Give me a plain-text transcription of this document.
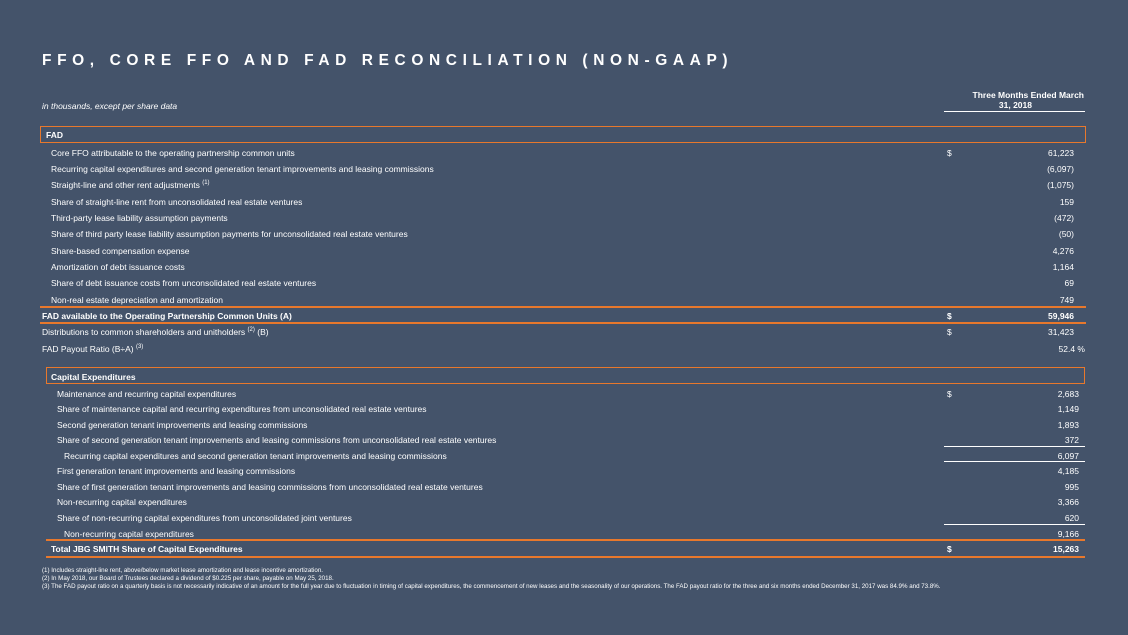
FFO, CORE FFO AND FAD RECONCILIATION (NON-GAAP)
in thousands, except per share data
Three Months Ended March

31, 2018
FAD
Core FFO attributable to the operating partnership common units	$	61,223
Recurring capital expenditures and second generation tenant improvements and leasing commissions	(6,097)
Straight-line and other rent adjustments $^{(1)}$	(1,075)
Share of straight-line rent from unconsolidated real estate ventures	159
Third-party lease liability assumption payments	(472)
Share of third party lease liability assumption payments for unconsolidated real estate ventures	(50)
Share-based compensation expense	4,276
Amortization of debt issuance costs	1,164
Share of debt issuance costs from unconsolidated real estate ventures	69
Non-real estate depreciation and amortization	749
FAD available to the Operating Partnership Common Units (A)	$	59,946
Distributions to common shareholders and unitholders $^{(2)}$ (B)	$	31,423
FAD Payout Ratio (B÷A) $^{(3)}$	52.4 %
Capital Expenditures
Maintenance and recurring capital expenditures	$	2,683
Share of maintenance capital and recurring expenditures from unconsolidated real estate ventures	1,149
Second generation tenant improvements and leasing commissions	1,893
Share of second generation tenant improvements and leasing commissions from unconsolidated real estate ventures	372
Recurring capital expenditures and second generation tenant improvements and leasing commissions	6,097
First generation tenant improvements and leasing commissions	4,185
Share of first generation tenant improvements and leasing commissions from unconsolidated real estate ventures	995
Non-recurring capital expenditures	3,366
Share of non-recurring capital expenditures from unconsolidated joint ventures	620
Non-recurring capital expenditures	9,166
Total JBG SMITH Share of Capital Expenditures	$	15,263
(1) Includes straight-line rent, above/below market lease amortization and lease incentive amortization.
(2) In May 2018, our Board of Trustees declared a dividend of $0.225 per share, payable on May 25, 2018.
(3) The FAD payout ratio on a quarterly basis is not necessarily indicative of an amount for the full year due to fluctuation in timing of capital expenditures, the commencement of new leases and the seasonality of our operations. The FAD payout ratio for the three and six months ended December 31, 2017 was 84.9% and 73.8%.
